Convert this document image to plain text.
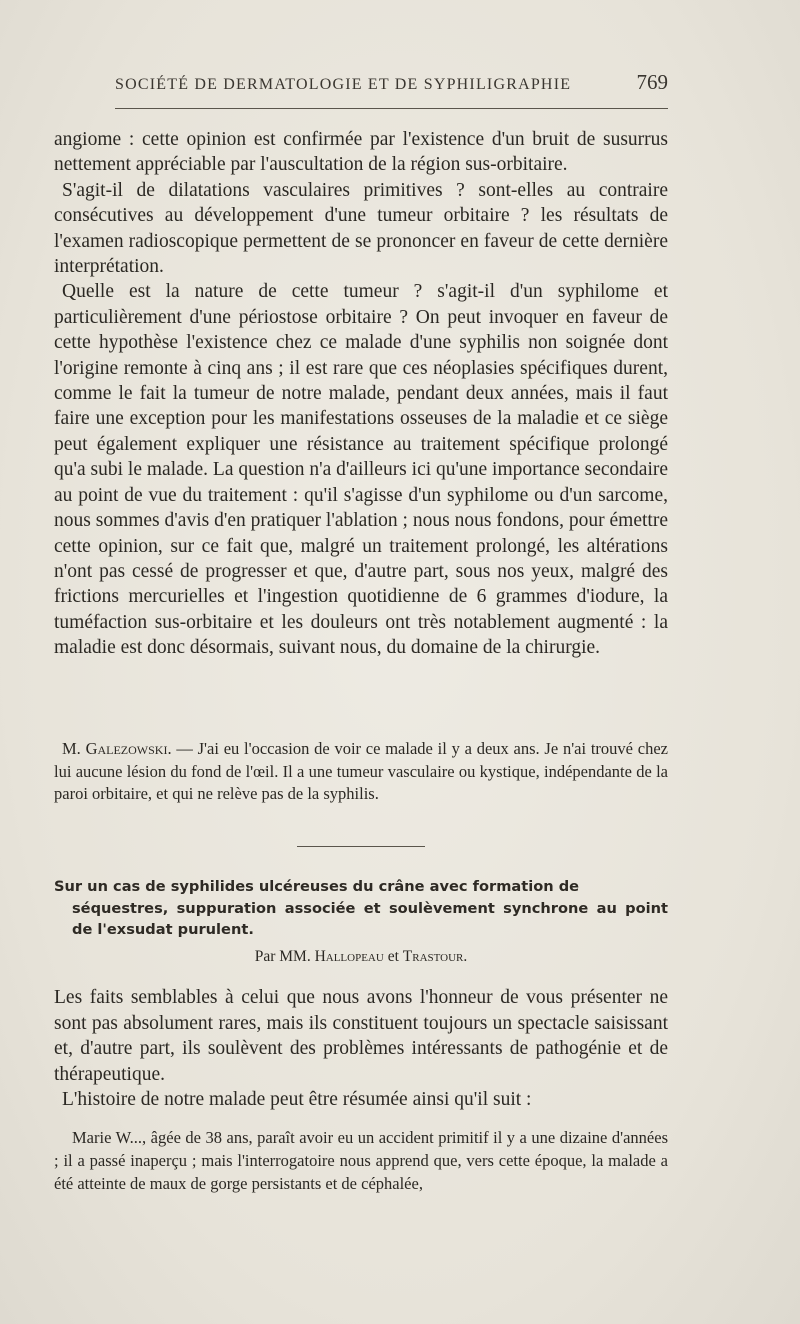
SOCIÉTÉ DE DERMATOLOGIE ET DE SYPHILIGRAPHIE	769

angiome : cette opinion est confirmée par l'existence d'un bruit de susurrus nettement appréciable par l'auscultation de la région sus-orbitaire.

S'agit-il de dilatations vasculaires primitives ? sont-elles au contraire consécutives au développement d'une tumeur orbitaire ? les résultats de l'examen radioscopique permettent de se prononcer en faveur de cette dernière interprétation.

Quelle est la nature de cette tumeur ? s'agit-il d'un syphilome et particulièrement d'une périostose orbitaire ? On peut invoquer en faveur de cette hypothèse l'existence chez ce malade d'une syphilis non soignée dont l'origine remonte à cinq ans ; il est rare que ces néoplasies spécifiques durent, comme le fait la tumeur de notre malade, pendant deux années, mais il faut faire une exception pour les manifestations osseuses de la maladie et ce siège peut également expliquer une résistance au traitement spécifique prolongé qu'a subi le malade. La question n'a d'ailleurs ici qu'une importance secondaire au point de vue du traitement : qu'il s'agisse d'un syphilome ou d'un sarcome, nous sommes d'avis d'en pratiquer l'ablation ; nous nous fondons, pour émettre cette opinion, sur ce fait que, malgré un traitement prolongé, les altérations n'ont pas cessé de progresser et que, d'autre part, sous nos yeux, malgré des frictions mercurielles et l'ingestion quotidienne de 6 grammes d'iodure, la tuméfaction sus-orbitaire et les douleurs ont très notablement augmenté : la maladie est donc désormais, suivant nous, du domaine de la chirurgie.

M. Galezowski. — J'ai eu l'occasion de voir ce malade il y a deux ans. Je n'ai trouvé chez lui aucune lésion du fond de l'œil. Il a une tumeur vasculaire ou kystique, indépendante de la paroi orbitaire, et qui ne relève pas de la syphilis.

Sur un cas de syphilides ulcéreuses du crâne avec formation de
séquestres, suppuration associée et soulèvement synchrone au point de l'exsudat purulent.
Par MM. Hallopeau et Trastour.

Les faits semblables à celui que nous avons l'honneur de vous présenter ne sont pas absolument rares, mais ils constituent toujours un spectacle saisissant et, d'autre part, ils soulèvent des problèmes intéressants de pathogénie et de thérapeutique.

L'histoire de notre malade peut être résumée ainsi qu'il suit :

Marie W..., âgée de 38 ans, paraît avoir eu un accident primitif il y a une dizaine d'années ; il a passé inaperçu ; mais l'interrogatoire nous apprend que, vers cette époque, la malade a été atteinte de maux de gorge persistants et de céphalée,
